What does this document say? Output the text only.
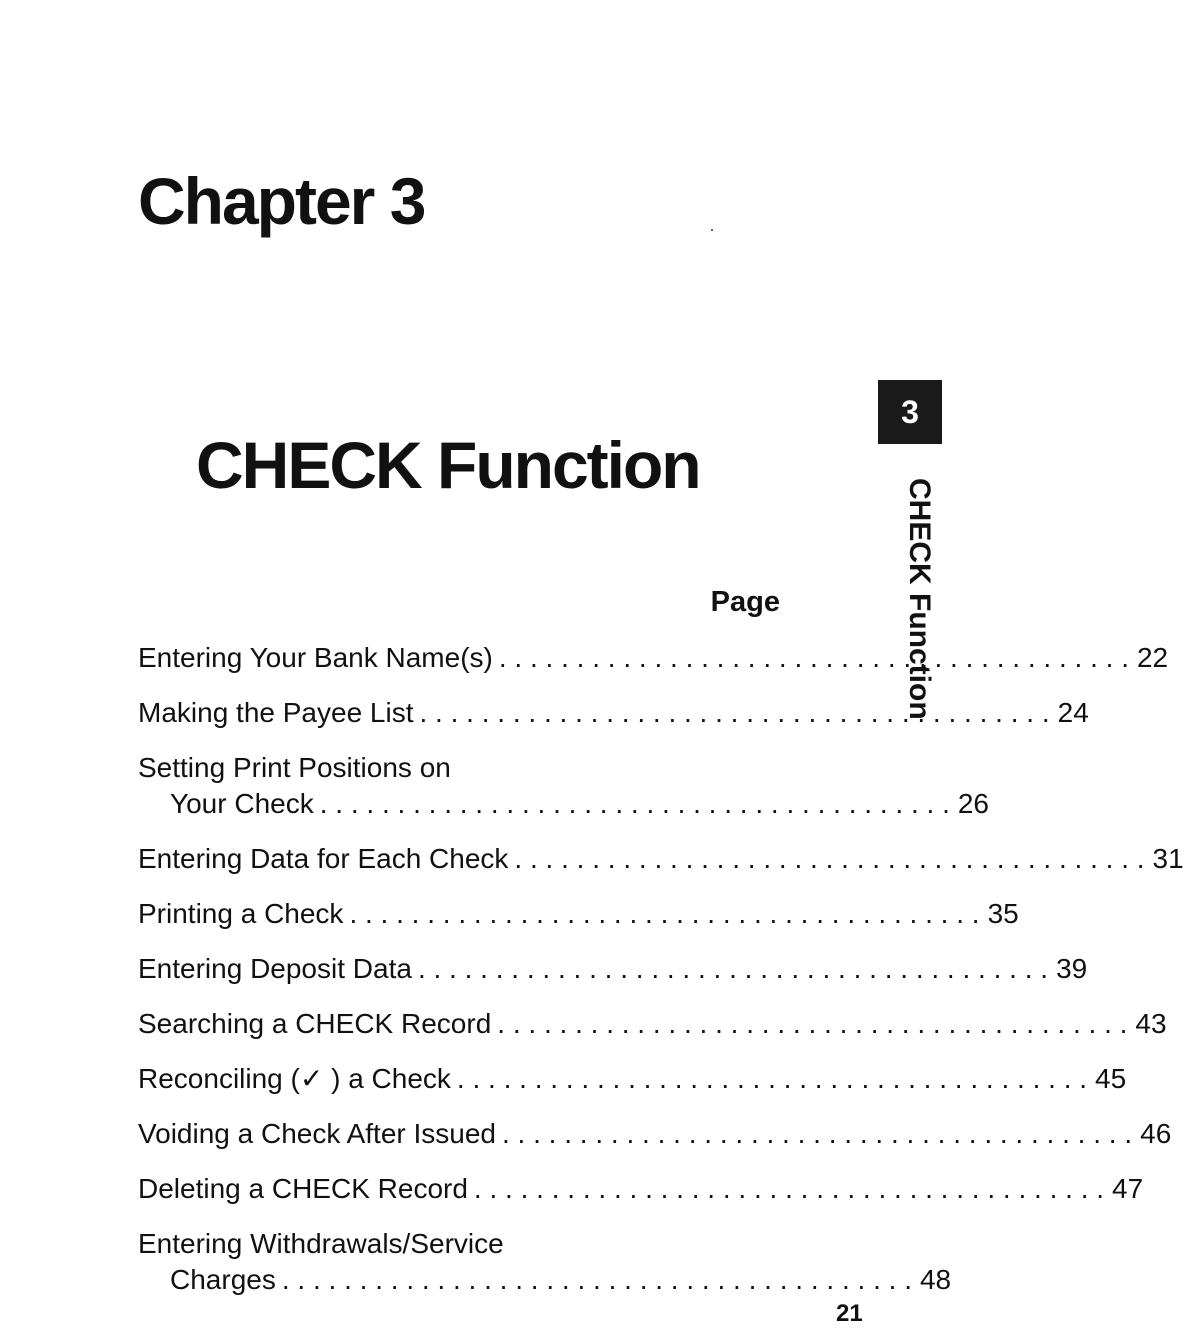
Chapter 3
CHECK Function
Page
Entering Your Bank Name(s) . . . . . . . . . . . . . . . . . . . . . . . . . . . . . . . . . . . . . . . . . 22
Making the Payee List . . . . . . . . . . . . . . . . . . . . . . . . . . . . . . . . . . . . . . . . . 24
Setting Print Positions on
Your Check . . . . . . . . . . . . . . . . . . . . . . . . . . . . . . . . . . . . . . . . . 26
Entering Data for Each Check . . . . . . . . . . . . . . . . . . . . . . . . . . . . . . . . . . . . . . . . . 31
Printing a Check . . . . . . . . . . . . . . . . . . . . . . . . . . . . . . . . . . . . . . . . . 35
Entering Deposit Data . . . . . . . . . . . . . . . . . . . . . . . . . . . . . . . . . . . . . . . . . 39
Searching a CHECK Record . . . . . . . . . . . . . . . . . . . . . . . . . . . . . . . . . . . . . . . . . 43
Reconciling (✓ ) a Check . . . . . . . . . . . . . . . . . . . . . . . . . . . . . . . . . . . . . . . . . 45
Voiding a Check After Issued . . . . . . . . . . . . . . . . . . . . . . . . . . . . . . . . . . . . . . . . . 46
Deleting a CHECK Record . . . . . . . . . . . . . . . . . . . . . . . . . . . . . . . . . . . . . . . . . 47
Entering Withdrawals/Service
Charges . . . . . . . . . . . . . . . . . . . . . . . . . . . . . . . . . . . . . . . . . 48
3
CHECK Function
21
